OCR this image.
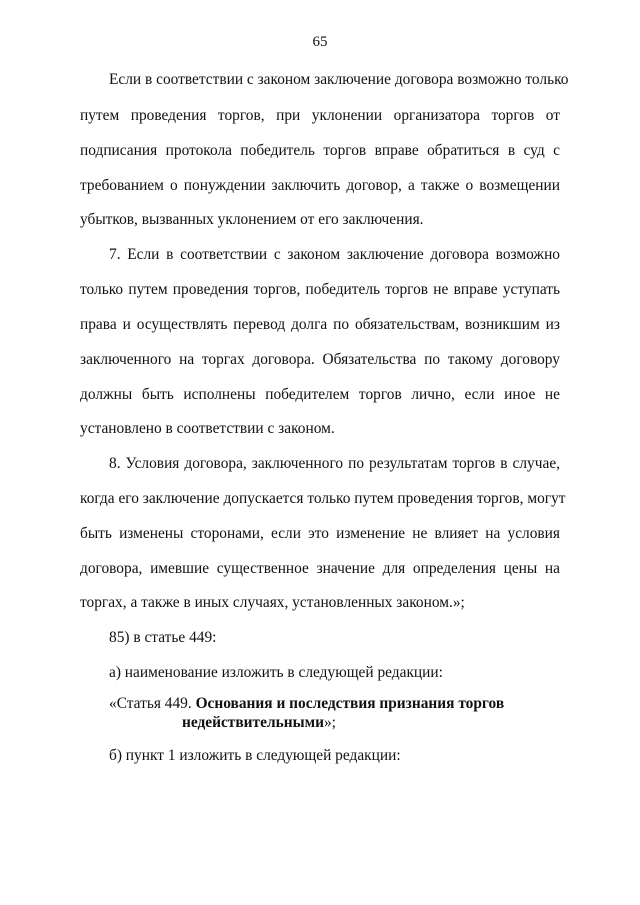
65
Если в соответствии с законом заключение договора возможно только
путем проведения торгов, при уклонении организатора торгов от
подписания протокола победитель торгов вправе обратиться в суд с
требованием о понуждении заключить договор, а также о возмещении
убытков, вызванных уклонением от его заключения.
7. Если в соответствии с законом заключение договора возможно
только путем проведения торгов, победитель торгов не вправе уступать
права и осуществлять перевод долга по обязательствам, возникшим из
заключенного на торгах договора. Обязательства по такому договору
должны быть исполнены победителем торгов лично, если иное не
установлено в соответствии с законом.
8. Условия договора, заключенного по результатам торгов в случае,
когда его заключение допускается только путем проведения торгов, могут
быть изменены сторонами, если это изменение не влияет на условия
договора, имевшие существенное значение для определения цены на
торгах, а также в иных случаях, установленных законом.»;
85) в статье 449:
а) наименование изложить в следующей редакции:
«Статья 449. Основания и последствия признания торгов
недействительными»;
б) пункт 1 изложить в следующей редакции:
